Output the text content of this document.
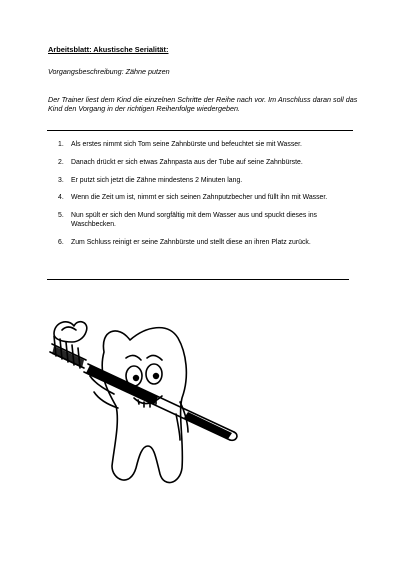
Arbeitsblatt: Akustische Serialität:
Vorgangsbeschreibung: Zähne putzen
Der Trainer liest dem Kind die einzelnen Schritte der Reihe nach vor. Im Anschluss daran soll das Kind den Vorgang in der richtigen Reihenfolge wiedergeben.
1. Als erstes nimmt sich Tom seine Zahnbürste und befeuchtet sie mit Wasser.
2. Danach drückt er sich etwas Zahnpasta aus der Tube auf seine Zahnbürste.
3. Er putzt sich jetzt die Zähne mindestens 2 Minuten lang.
4. Wenn die Zeit um ist, nimmt er sich seinen Zahnputzbecher und füllt ihn mit Wasser.
5. Nun spült er sich den Mund sorgfältig mit dem Wasser aus und spuckt dieses ins Waschbecken.
6. Zum Schluss reinigt er seine Zahnbürste und stellt diese an ihren Platz zurück.
